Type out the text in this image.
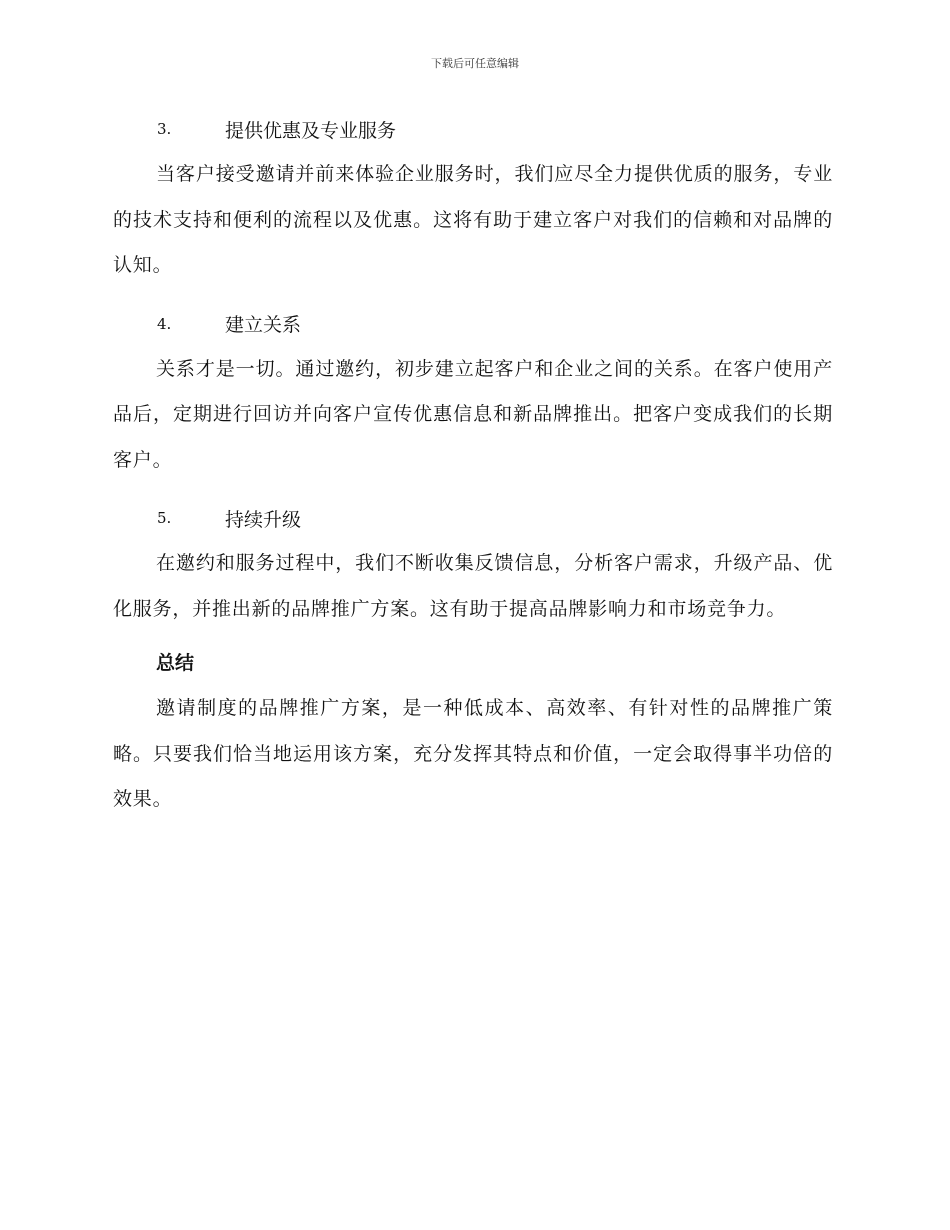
下载后可任意编辑
3.	提供优惠及专业服务

当客户接受邀请并前来体验企业服务时，我们应尽全力提供优质的服务，专业的技术支持和便利的流程以及优惠。这将有助于建立客户对我们的信赖和对品牌的认知。

4.	建立关系

关系才是一切。通过邀约，初步建立起客户和企业之间的关系。在客户使用产品后，定期进行回访并向客户宣传优惠信息和新品牌推出。把客户变成我们的长期客户。

5.	持续升级

在邀约和服务过程中，我们不断收集反馈信息，分析客户需求，升级产品、优化服务，并推出新的品牌推广方案。这有助于提高品牌影响力和市场竞争力。

总结

邀请制度的品牌推广方案，是一种低成本、高效率、有针对性的品牌推广策略。只要我们恰当地运用该方案，充分发挥其特点和价值，一定会取得事半功倍的效果。
